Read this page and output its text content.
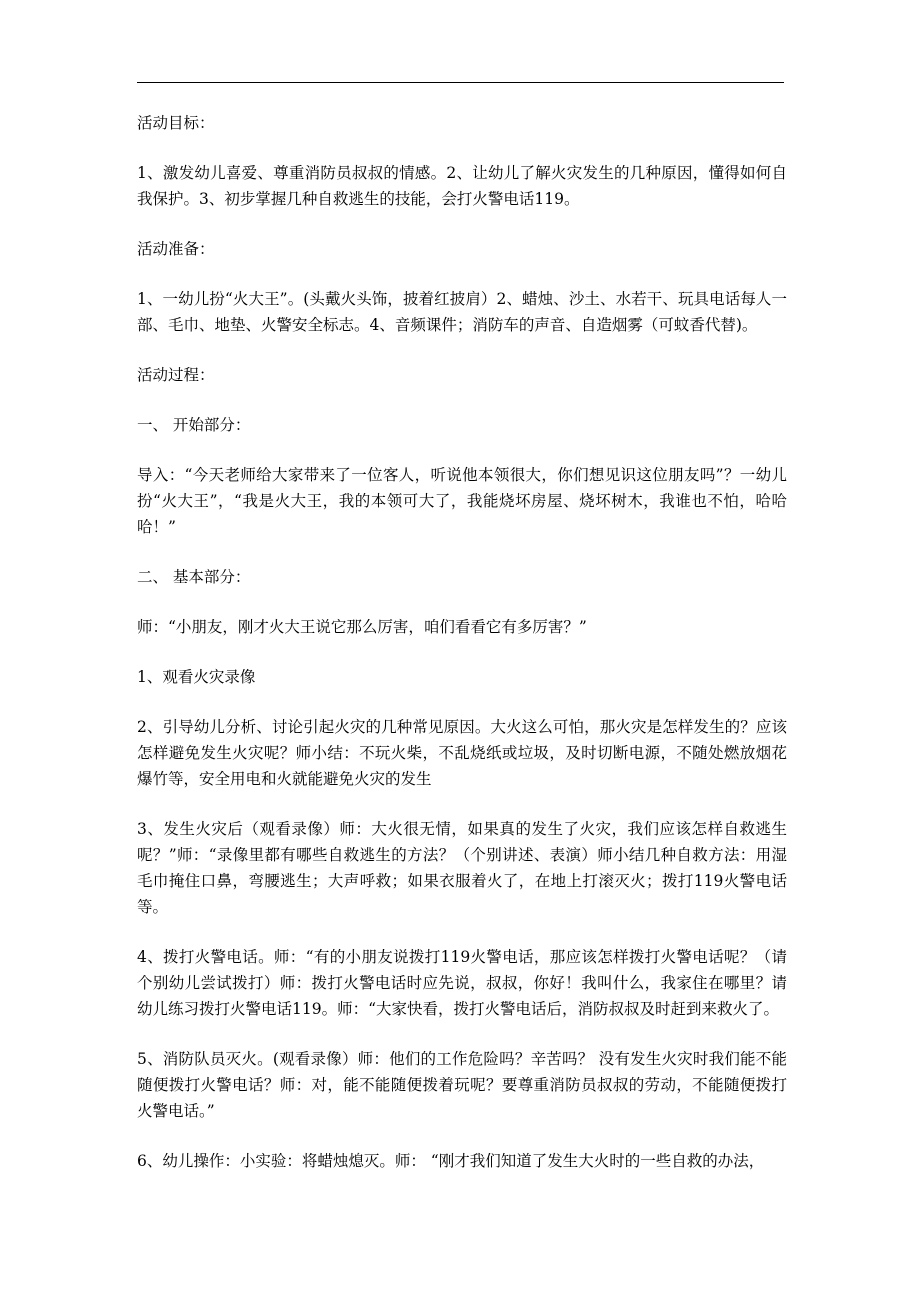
活动目标：

1、激发幼儿喜爱、尊重消防员叔叔的情感。2、让幼儿了解火灾发生的几种原因，懂得如何自我保护。3、初步掌握几种自救逃生的技能，会打火警电话119。

活动准备：

1、一幼儿扮“火大王”。(头戴火头饰，披着红披肩）2、蜡烛、沙土、水若干、玩具电话每人一部、毛巾、地垫、火警安全标志。4、音频课件；消防车的声音、自造烟雾（可蚊香代替)。

活动过程：

一、 开始部分：

导入：“今天老师给大家带来了一位客人，听说他本领很大，你们想见识这位朋友吗”？一幼儿扮“火大王”，“我是火大王，我的本领可大了，我能烧坏房屋、烧坏树木，我谁也不怕，哈哈哈！”

二、 基本部分：

师：“小朋友，刚才火大王说它那么厉害，咱们看看它有多厉害？”

1、观看火灾录像

2、引导幼儿分析、讨论引起火灾的几种常见原因。大火这么可怕，那火灾是怎样发生的？应该怎样避免发生火灾呢？师小结：不玩火柴，不乱烧纸或垃圾，及时切断电源，不随处燃放烟花爆竹等，安全用电和火就能避免火灾的发生

3、发生火灾后（观看录像）师：大火很无情，如果真的发生了火灾，我们应该怎样自救逃生呢？”师：“录像里都有哪些自救逃生的方法？（个别讲述、表演）师小结几种自救方法：用湿毛巾掩住口鼻，弯腰逃生；大声呼救；如果衣服着火了，在地上打滚灭火；拨打119火警电话等。

4、拨打火警电话。师：“有的小朋友说拨打119火警电话，那应该怎样拨打火警电话呢？（请个别幼儿尝试拨打）师：拨打火警电话时应先说，叔叔，你好！我叫什么，我家住在哪里？请幼儿练习拨打火警电话119。师：“大家快看，拨打火警电话后，消防叔叔及时赶到来救火了。

5、消防队员灭火。(观看录像）师：他们的工作危险吗？辛苦吗？ 没有发生火灾时我们能不能随便拨打火警电话？师：对，能不能随便拨着玩呢？要尊重消防员叔叔的劳动，不能随便拨打火警电话。”

6、幼儿操作：小实验：将蜡烛熄灭。师： “刚才我们知道了发生大火时的一些自救的办法，
